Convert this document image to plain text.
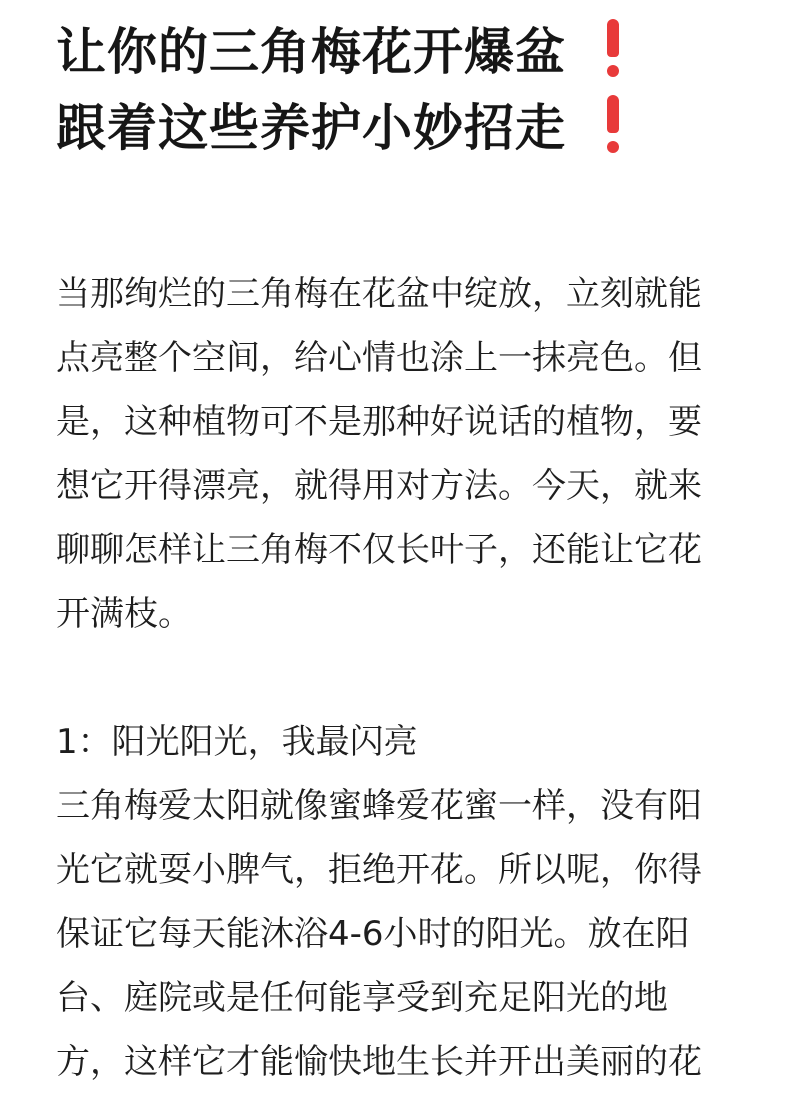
让你的三角梅花开爆盆
跟着这些养护小妙招走
当那绚烂的三角梅在花盆中绽放，立刻就能
点亮整个空间，给心情也涂上一抹亮色。但
是，这种植物可不是那种好说话的植物，要
想它开得漂亮，就得用对方法。今天，就来
聊聊怎样让三角梅不仅长叶子，还能让它花
开满枝。
1：阳光阳光，我最闪亮
三角梅爱太阳就像蜜蜂爱花蜜一样，没有阳
光它就耍小脾气，拒绝开花。所以呢，你得
保证它每天能沐浴4-6小时的阳光。放在阳
台、庭院或是任何能享受到充足阳光的地
方，这样它才能愉快地生长并开出美丽的花
